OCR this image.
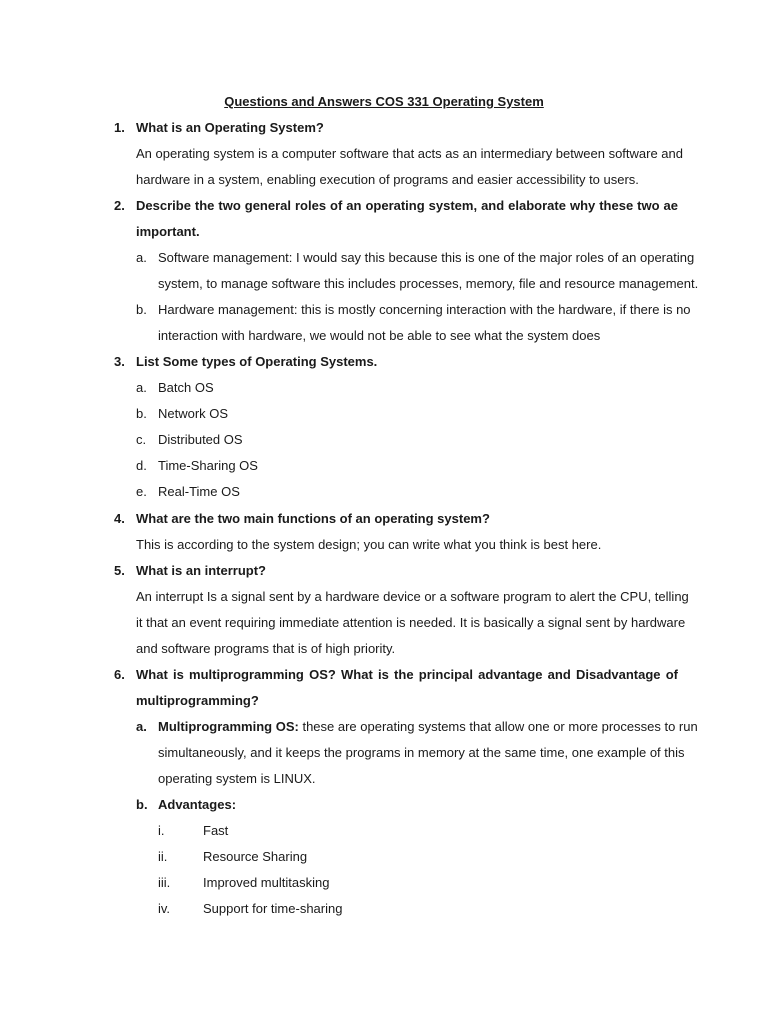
Questions and Answers COS 331 Operating System
1. What is an Operating System?
An operating system is a computer software that acts as an intermediary between software and
hardware in a system, enabling execution of programs and easier accessibility to users.
2. Describe the two general roles of an operating system, and elaborate why these two ae
important.
a. Software management: I would say this because this is one of the major roles of an operating
system, to manage software this includes processes, memory, file and resource management.
b. Hardware management: this is mostly concerning interaction with the hardware, if there is no
interaction with hardware, we would not be able to see what the system does
3. List Some types of Operating Systems.
a. Batch OS
b. Network OS
c. Distributed OS
d. Time-Sharing OS
e. Real-Time OS
4. What are the two main functions of an operating system?
This is according to the system design; you can write what you think is best here.
5. What is an interrupt?
An interrupt Is a signal sent by a hardware device or a software program to alert the CPU, telling
it that an event requiring immediate attention is needed. It is basically a signal sent by hardware
and software programs that is of high priority.
6. What is multiprogramming OS? What is the principal advantage and Disadvantage of
multiprogramming?
a. Multiprogramming OS: these are operating systems that allow one or more processes to run
simultaneously, and it keeps the programs in memory at the same time, one example of this
operating system is LINUX.
b. Advantages:
i.	Fast
ii.	Resource Sharing
iii.	Improved multitasking
iv.	Support for time-sharing
